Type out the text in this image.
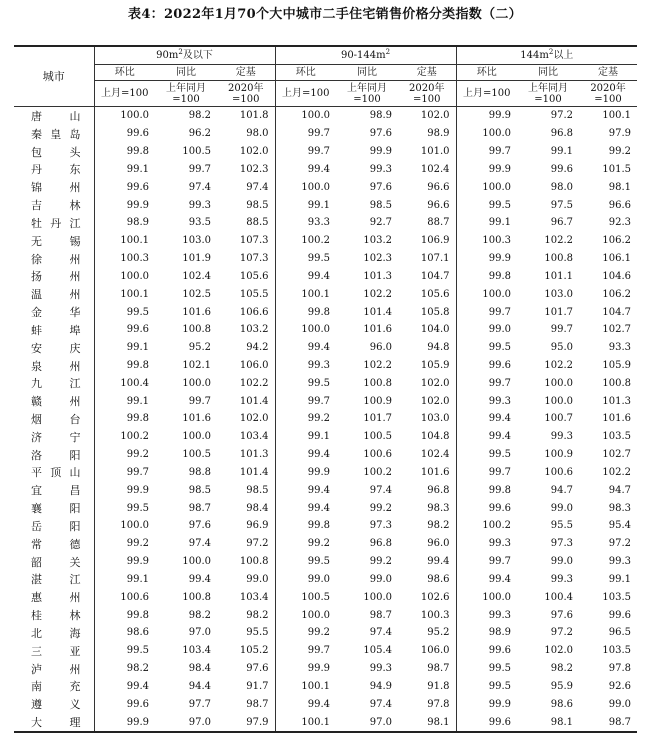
表4：2022年1月70个大中城市二手住宅销售价格分类指数（二）
城市	$90m^2$及以下			$90-144m^2$			$144m^2$以上		
	环比	同比	定基	环比	同比	定基	环比	同比	定基
	上月=100	上年同月=100	2020年=100	上月=100	上年同月=100	2020年=100	上月=100	上年同月=100	2020年=100
唐山	100.0	98.2	101.8	100.0	98.9	102.0	99.9	97.2	100.1
秦皇岛	99.6	96.2	98.0	99.7	97.6	98.9	100.0	96.8	97.9
包头	99.8	100.5	102.0	99.7	99.9	101.0	99.7	99.1	99.2
丹东	99.1	99.7	102.3	99.4	99.3	102.4	99.9	99.6	101.5
锦州	99.6	97.4	97.4	100.0	97.6	96.6	100.0	98.0	98.1
吉林	99.9	99.3	98.5	99.1	98.5	96.6	99.5	97.5	96.6
牡丹江	98.9	93.5	88.5	93.3	92.7	88.7	99.1	96.7	92.3
无锡	100.1	103.0	107.3	100.2	103.2	106.9	100.3	102.2	106.2
徐州	100.3	101.9	107.3	99.5	102.3	107.1	99.9	100.8	106.1
扬州	100.0	102.4	105.6	99.4	101.3	104.7	99.8	101.1	104.6
温州	100.1	102.5	105.5	100.1	102.2	105.6	100.0	103.0	106.2
金华	99.5	101.6	106.6	99.8	101.4	105.8	99.7	101.7	104.7
蚌埠	99.6	100.8	103.2	100.0	101.6	104.0	99.0	99.7	102.7
安庆	99.1	95.2	94.2	99.4	96.0	94.8	99.5	95.0	93.3
泉州	99.8	102.1	106.0	99.3	102.2	105.9	99.6	102.2	105.9
九江	100.4	100.0	102.2	99.5	100.8	102.0	99.7	100.0	100.8
赣州	99.1	99.7	101.4	99.7	100.9	102.0	99.3	100.0	101.3
烟台	99.8	101.6	102.0	99.2	101.7	103.0	99.4	100.7	101.6
济宁	100.2	100.0	103.4	99.1	100.5	104.8	99.4	99.3	103.5
洛阳	99.2	100.5	101.3	99.4	100.6	102.4	99.5	100.9	102.7
平顶山	99.7	98.8	101.4	99.9	100.2	101.6	99.7	100.6	102.2
宜昌	99.9	98.5	98.5	99.4	97.4	96.8	99.8	94.7	94.7
襄阳	99.5	98.7	98.4	99.4	99.2	98.3	99.6	99.0	98.3
岳阳	100.0	97.6	96.9	99.8	97.3	98.2	100.2	95.5	95.4
常德	99.2	97.4	97.2	99.2	96.8	96.0	99.3	97.3	97.2
韶关	99.9	100.0	100.8	99.5	99.2	99.4	99.7	99.0	99.3
湛江	99.1	99.4	99.0	99.0	99.0	98.6	99.4	99.3	99.1
惠州	100.6	100.8	103.4	100.5	100.0	102.6	100.0	100.4	103.5
桂林	99.8	98.2	98.2	100.0	98.7	100.3	99.3	97.6	99.6
北海	98.6	97.0	95.5	99.2	97.4	95.2	98.9	97.2	96.5
三亚	99.5	103.4	105.2	99.7	105.4	106.0	99.6	102.0	103.5
泸州	98.2	98.4	97.6	99.9	99.3	98.7	99.5	98.2	97.8
南充	99.4	94.4	91.7	100.1	94.9	91.8	99.5	95.9	92.6
遵义	99.6	97.7	98.7	99.4	97.4	97.8	99.9	98.6	99.0
大理	99.9	97.0	97.9	100.1	97.0	98.1	99.6	98.1	98.7
